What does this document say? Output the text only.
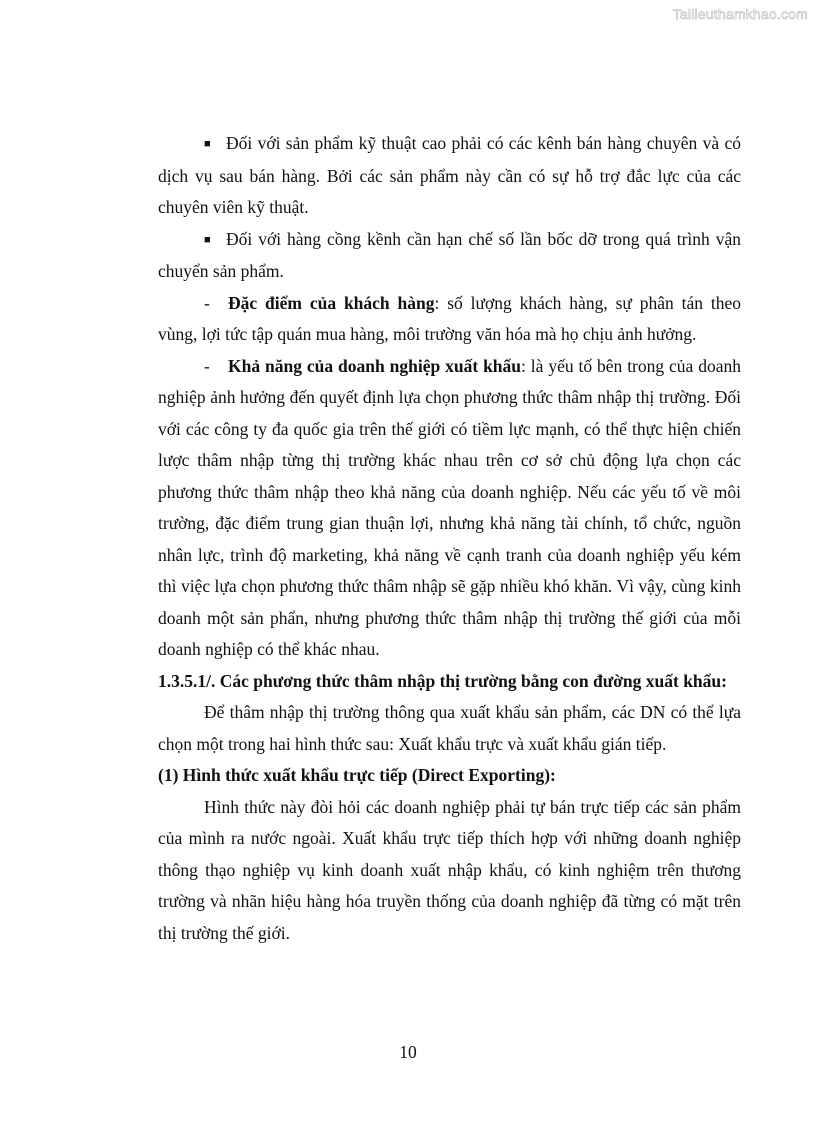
Tailieuthamkhao.com

■ Đối với sản phẩm kỹ thuật cao phải có các kênh bán hàng chuyên và có dịch vụ sau bán hàng. Bởi các sản phẩm này cần có sự hỗ trợ đắc lực của các chuyên viên kỹ thuật.

■ Đối với hàng cồng kềnh cần hạn chế số lần bốc dỡ trong quá trình vận chuyển sản phẩm.

- Đặc điểm của khách hàng: số lượng khách hàng, sự phân tán theo vùng, lợi tức tập quán mua hàng, môi trường văn hóa mà họ chịu ảnh hưởng.

- Khả năng của doanh nghiệp xuất khẩu: là yếu tố bên trong của doanh nghiệp ảnh hưởng đến quyết định lựa chọn phương thức thâm nhập thị trường. Đối với các công ty đa quốc gia trên thế giới có tiềm lực mạnh, có thể thực hiện chiến lược thâm nhập từng thị trường khác nhau trên cơ sở chủ động lựa chọn các phương thức thâm nhập theo khả năng của doanh nghiệp. Nếu các yếu tố về môi trường, đặc điểm trung gian thuận lợi, nhưng khả năng tài chính, tổ chức, nguồn nhân lực, trình độ marketing, khả năng về cạnh tranh của doanh nghiệp yếu kém thì việc lựa chọn phương thức thâm nhập sẽ gặp nhiều khó khăn. Vì vậy, cùng kinh doanh một sản phẩn, nhưng phương thức thâm nhập thị trường thế giới của mỗi doanh nghiệp có thể khác nhau.

1.3.5.1/. Các phương thức thâm nhập thị trường bằng con đường xuất khẩu:

Để thâm nhập thị trường thông qua xuất khẩu sản phẩm, các DN có thể lựa chọn một trong hai hình thức sau: Xuất khẩu trực và xuất khẩu gián tiếp.

(1) Hình thức xuất khẩu trực tiếp (Direct Exporting):

Hình thức này đòi hỏi các doanh nghiệp phải tự bán trực tiếp các sản phẩm của mình ra nước ngoài. Xuất khẩu trực tiếp thích hợp với những doanh nghiệp thông thạo nghiệp vụ kinh doanh xuất nhập khẩu, có kinh nghiệm trên thương trường và nhãn hiệu hàng hóa truyền thống của doanh nghiệp đã từng có mặt trên thị trường thế giới.

10
